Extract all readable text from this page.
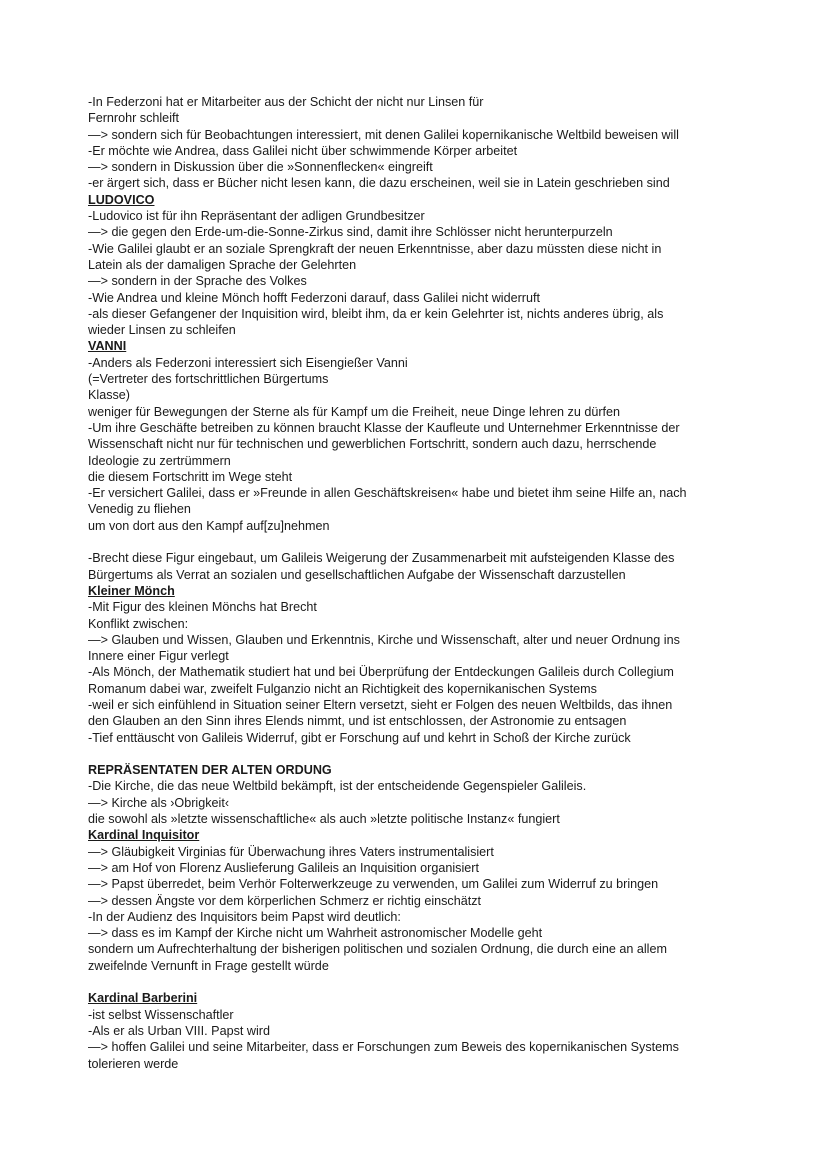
-In Federzoni hat er Mitarbeiter aus der Schicht der nicht nur Linsen für
Fernrohr schleift
—> sondern sich für Beobachtungen interessiert, mit denen Galilei kopernikanische Weltbild beweisen will
-Er möchte wie Andrea, dass Galilei nicht über schwimmende Körper arbeitet
—> sondern in Diskussion über die »Sonnenflecken« eingreift
-er ärgert sich, dass er Bücher nicht lesen kann, die dazu erscheinen, weil sie in Latein geschrieben sind
LUDOVICO
-Ludovico ist für ihn Repräsentant der adligen Grundbesitzer
—> die gegen den Erde-um-die-Sonne-Zirkus sind, damit ihre Schlösser nicht herunterpurzeln
-Wie Galilei glaubt er an soziale Sprengkraft der neuen Erkenntnisse, aber dazu müssten diese nicht in
Latein als der damaligen Sprache der Gelehrten
—> sondern in der Sprache des Volkes
-Wie Andrea und kleine Mönch hofft Federzoni darauf, dass Galilei nicht widerruft
-als dieser Gefangener der Inquisition wird, bleibt ihm, da er kein Gelehrter ist, nichts anderes übrig, als
wieder Linsen zu schleifen
VANNI
-Anders als Federzoni interessiert sich Eisengießer Vanni
(=Vertreter des fortschrittlichen Bürgertums
Klasse)
weniger für Bewegungen der Sterne als für Kampf um die Freiheit, neue Dinge lehren zu dürfen
-Um ihre Geschäfte betreiben zu können braucht Klasse der Kaufleute und Unternehmer Erkenntnisse der
Wissenschaft nicht nur für technischen und gewerblichen Fortschritt, sondern auch dazu, herrschende
Ideologie zu zertrümmern
die diesem Fortschritt im Wege steht
-Er versichert Galilei, dass er »Freunde in allen Geschäftskreisen« habe und bietet ihm seine Hilfe an, nach
Venedig zu fliehen
um von dort aus den Kampf auf[zu]nehmen
-Brecht diese Figur eingebaut, um Galileis Weigerung der Zusammenarbeit mit aufsteigenden Klasse des
Bürgertums als Verrat an sozialen und gesellschaftlichen Aufgabe der Wissenschaft darzustellen
Kleiner Mönch
-Mit Figur des kleinen Mönchs hat Brecht
Konflikt zwischen:
—> Glauben und Wissen, Glauben und Erkenntnis, Kirche und Wissenschaft, alter und neuer Ordnung ins
Innere einer Figur verlegt
-Als Mönch, der Mathematik studiert hat und bei Überprüfung der Entdeckungen Galileis durch Collegium
Romanum dabei war, zweifelt Fulganzio nicht an Richtigkeit des kopernikanischen Systems
-weil er sich einfühlend in Situation seiner Eltern versetzt, sieht er Folgen des neuen Weltbilds, das ihnen
den Glauben an den Sinn ihres Elends nimmt, und ist entschlossen, der Astronomie zu entsagen
-Tief enttäuscht von Galileis Widerruf, gibt er Forschung auf und kehrt in Schoß der Kirche zurück
REPRÄSENTATEN DER ALTEN ORDUNG
-Die Kirche, die das neue Weltbild bekämpft, ist der entscheidende Gegenspieler Galileis.
—> Kirche als ›Obrigkeit‹
die sowohl als »letzte wissenschaftliche« als auch »letzte politische Instanz« fungiert
Kardinal Inquisitor
—> Gläubigkeit Virginias für Überwachung ihres Vaters instrumentalisiert
—> am Hof von Florenz Auslieferung Galileis an Inquisition organisiert
—> Papst überredet, beim Verhör Folterwerkzeuge zu verwenden, um Galilei zum Widerruf zu bringen
—> dessen Ängste vor dem körperlichen Schmerz er richtig einschätzt
-In der Audienz des Inquisitors beim Papst wird deutlich:
—> dass es im Kampf der Kirche nicht um Wahrheit astronomischer Modelle geht
sondern um Aufrechterhaltung der bisherigen politischen und sozialen Ordnung, die durch eine an allem
zweifelnde Vernunft in Frage gestellt würde
Kardinal Barberini
-ist selbst Wissenschaftler
-Als er als Urban VIII. Papst wird
—> hoffen Galilei und seine Mitarbeiter, dass er Forschungen zum Beweis des kopernikanischen Systems
tolerieren werde
